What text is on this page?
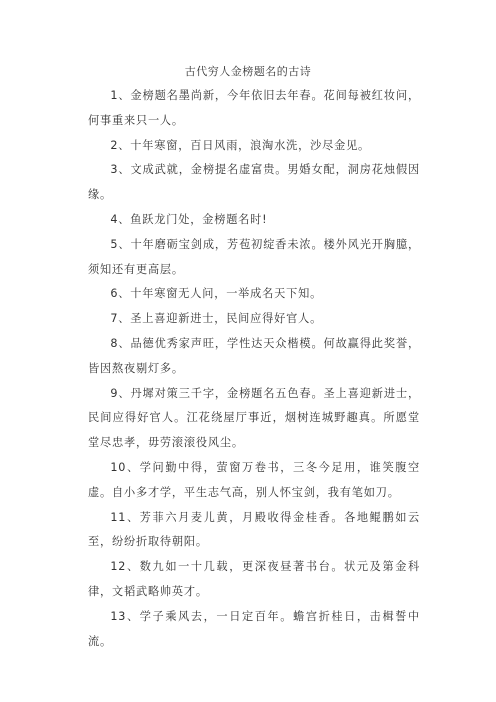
古代穷人金榜题名的古诗

1、金榜题名墨尚新，今年依旧去年春。花间每被红妆问，何事重来只一人。

2、十年寒窗，百日风雨，浪淘水洗，沙尽金见。

3、文成武就，金榜提名虚富贵。男婚女配，洞房花烛假因缘。

4、鱼跃龙门处，金榜题名时!

5、十年磨砺宝剑成，芳苞初绽香未浓。楼外风光开胸臆，须知还有更高层。

6、十年寒窗无人问，一举成名天下知。

7、圣上喜迎新进士，民间应得好官人。

8、品德优秀家声旺，学性达天众楷模。何故赢得此奖誉，皆因熬夜剔灯多。

9、丹墀对策三千字，金榜题名五色春。圣上喜迎新进士，民间应得好官人。江花绕屋厅事近，烟树连城野趣真。所愿堂堂尽忠孝，毋劳滚滚役风尘。

10、学问勤中得，萤窗万卷书，三冬今足用，谁笑腹空虚。自小多才学，平生志气高，别人怀宝剑，我有笔如刀。

11、芳菲六月麦儿黄，月殿收得金桂香。各地鲲鹏如云至，纷纷折取待朝阳。

12、数九如一十几载，更深夜昼著书台。状元及第金科律，文韬武略帅英才。

13、学子乘风去，一日定百年。蟾宫折桂日，击楫誓中流。
